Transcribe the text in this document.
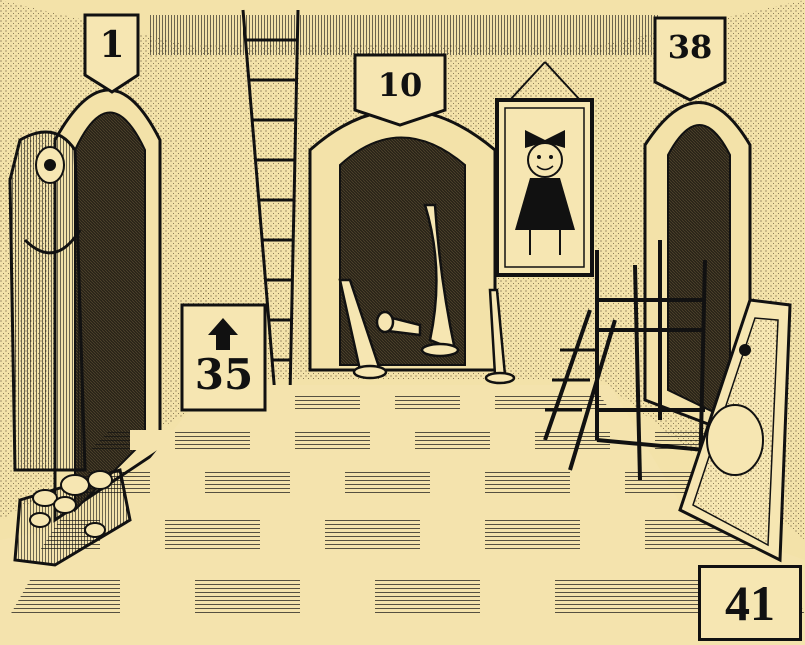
1
10
38
35
41
